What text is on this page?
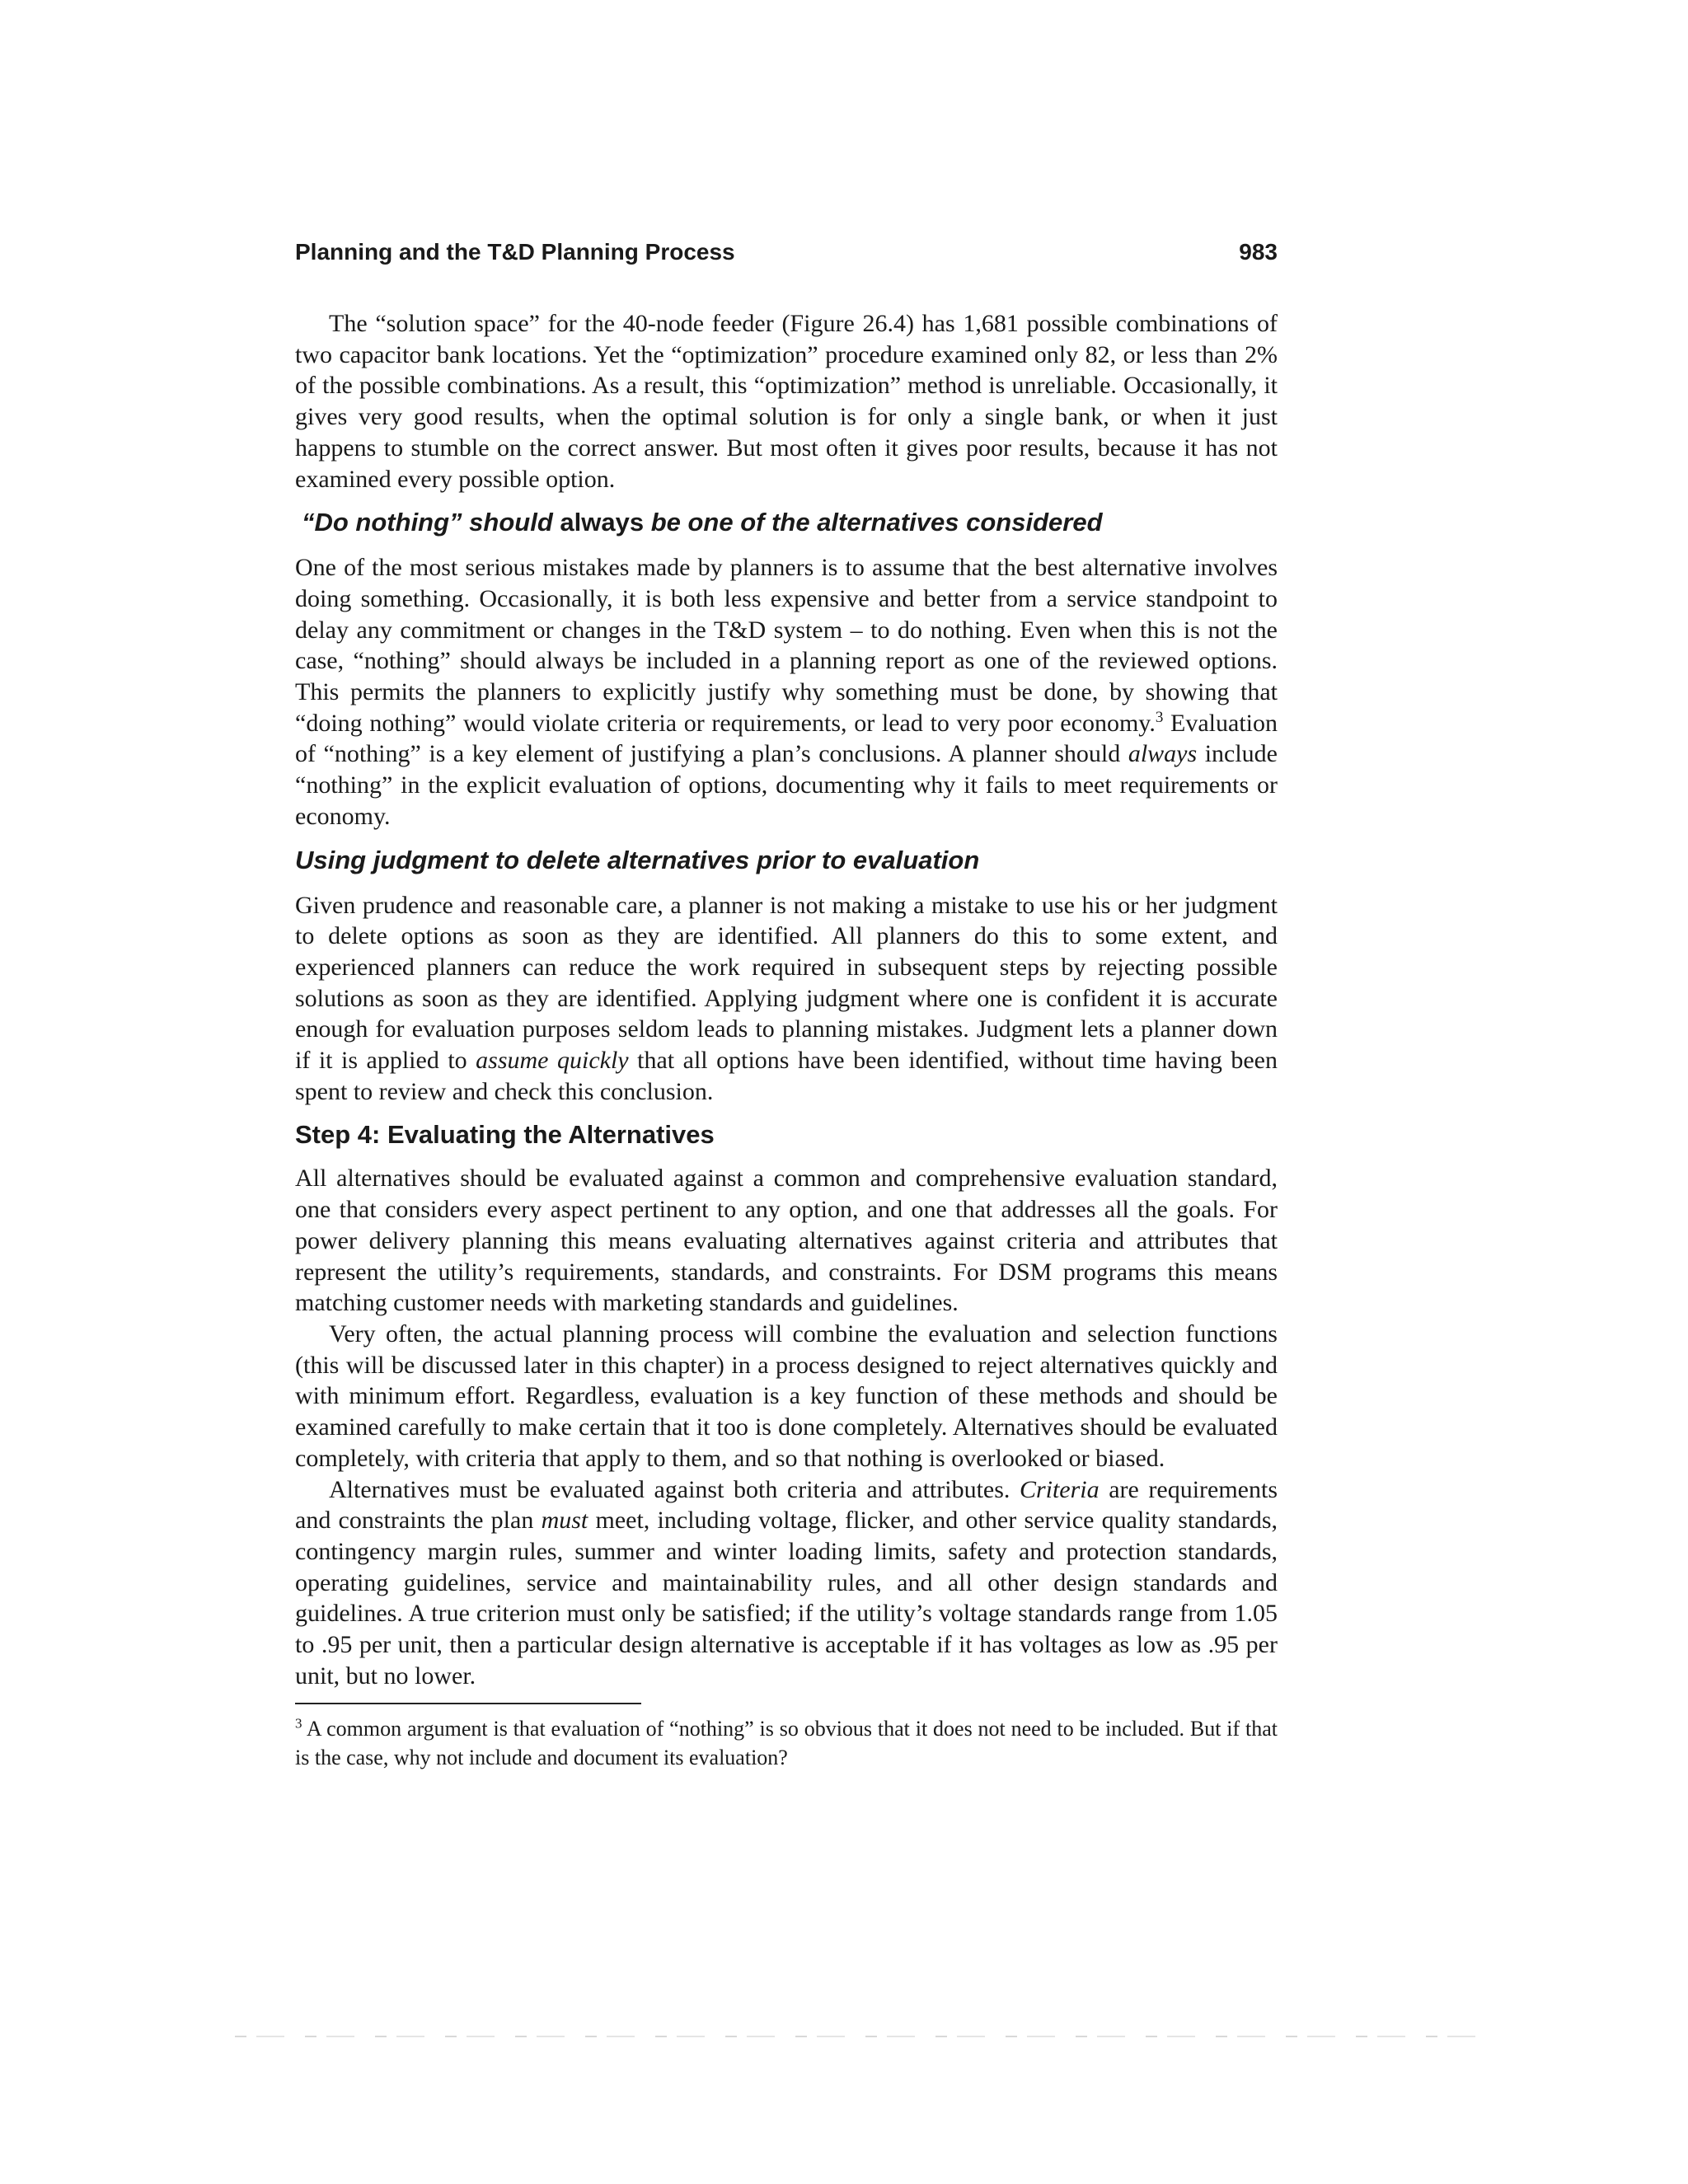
Planning and the T&D Planning Process	983

The “solution space” for the 40-node feeder (Figure 26.4) has 1,681 possible combinations of two capacitor bank locations. Yet the “optimization” procedure examined only 82, or less than 2% of the possible combinations. As a result, this “optimization” method is unreliable. Occasionally, it gives very good results, when the optimal solution is for only a single bank, or when it just happens to stumble on the correct answer. But most often it gives poor results, because it has not examined every possible option.

“Do nothing” should always be one of the alternatives considered

One of the most serious mistakes made by planners is to assume that the best alternative involves doing something. Occasionally, it is both less expensive and better from a service standpoint to delay any commitment or changes in the T&D system – to do nothing. Even when this is not the case, “nothing” should always be included in a planning report as one of the reviewed options. This permits the planners to explicitly justify why something must be done, by showing that “doing nothing” would violate criteria or requirements, or lead to very poor economy.$^3$ Evaluation of “nothing” is a key element of justifying a plan’s conclusions. A planner should always include “nothing” in the explicit evaluation of options, documenting why it fails to meet requirements or economy.

Using judgment to delete alternatives prior to evaluation

Given prudence and reasonable care, a planner is not making a mistake to use his or her judgment to delete options as soon as they are identified. All planners do this to some extent, and experienced planners can reduce the work required in subsequent steps by rejecting possible solutions as soon as they are identified. Applying judgment where one is confident it is accurate enough for evaluation purposes seldom leads to planning mistakes. Judgment lets a planner down if it is applied to assume quickly that all options have been identified, without time having been spent to review and check this conclusion.

Step 4: Evaluating the Alternatives

All alternatives should be evaluated against a common and comprehensive evaluation standard, one that considers every aspect pertinent to any option, and one that addresses all the goals. For power delivery planning this means evaluating alternatives against criteria and attributes that represent the utility’s requirements, standards, and constraints. For DSM programs this means matching customer needs with marketing standards and guidelines.

Very often, the actual planning process will combine the evaluation and selection functions (this will be discussed later in this chapter) in a process designed to reject alternatives quickly and with minimum effort. Regardless, evaluation is a key function of these methods and should be examined carefully to make certain that it too is done completely. Alternatives should be evaluated completely, with criteria that apply to them, and so that nothing is overlooked or biased.

Alternatives must be evaluated against both criteria and attributes. Criteria are requirements and constraints the plan must meet, including voltage, flicker, and other service quality standards, contingency margin rules, summer and winter loading limits, safety and protection standards, operating guidelines, service and maintainability rules, and all other design standards and guidelines. A true criterion must only be satisfied; if the utility’s voltage standards range from 1.05 to .95 per unit, then a particular design alternative is acceptable if it has voltages as low as .95 per unit, but no lower.

$^3$ A common argument is that evaluation of “nothing” is so obvious that it does not need to be included. But if that is the case, why not include and document its evaluation?
